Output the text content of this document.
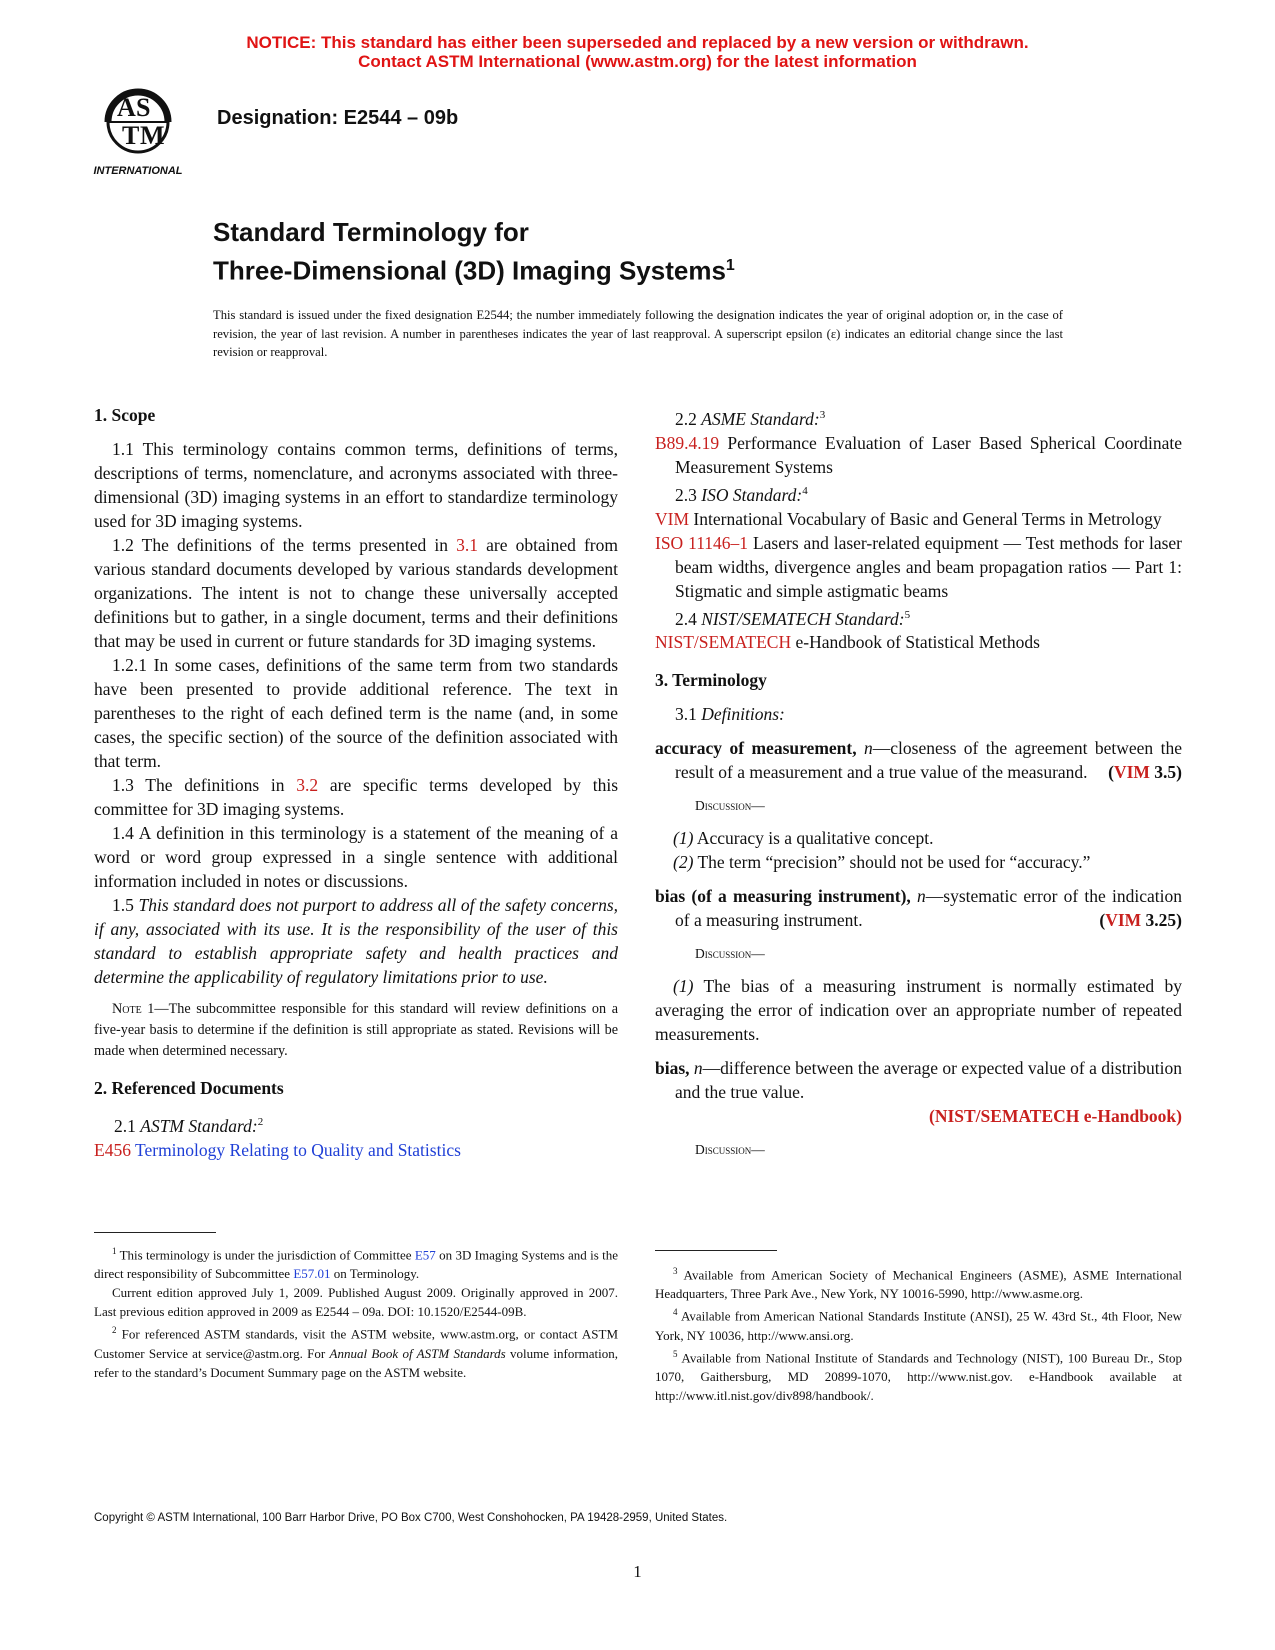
NOTICE: This standard has either been superseded and replaced by a new version or withdrawn.
Contact ASTM International (www.astm.org) for the latest information
A S
T M
INTERNATIONAL
Designation: E2544 – 09b
Standard Terminology for
Three-Dimensional (3D) Imaging Systems$^1$
This standard is issued under the fixed designation E2544; the number immediately following the designation indicates the year of original adoption or, in the case of revision, the year of last revision. A number in parentheses indicates the year of last reapproval. A superscript epsilon (ε) indicates an editorial change since the last revision or reapproval.

1. Scope

1.1 This terminology contains common terms, definitions of terms, descriptions of terms, nomenclature, and acronyms associated with three-dimensional (3D) imaging systems in an effort to standardize terminology used for 3D imaging systems.

1.2 The definitions of the terms presented in 3.1 are obtained from various standard documents developed by various standards development organizations. The intent is not to change these universally accepted definitions but to gather, in a single document, terms and their definitions that may be used in current or future standards for 3D imaging systems.

1.2.1 In some cases, definitions of the same term from two standards have been presented to provide additional reference. The text in parentheses to the right of each defined term is the name (and, in some cases, the specific section) of the source of the definition associated with that term.

1.3 The definitions in 3.2 are specific terms developed by this committee for 3D imaging systems.

1.4 A definition in this terminology is a statement of the meaning of a word or word group expressed in a single sentence with additional information included in notes or discussions.

1.5 This standard does not purport to address all of the safety concerns, if any, associated with its use. It is the responsibility of the user of this standard to establish appropriate safety and health practices and determine the applicability of regulatory limitations prior to use.

Note 1—The subcommittee responsible for this standard will review definitions on a five-year basis to determine if the definition is still appropriate as stated. Revisions will be made when determined necessary.

2. Referenced Documents

2.1 ASTM Standard:$^2$

E456 Terminology Relating to Quality and Statistics

2.2 ASME Standard:$^3$

B89.4.19 Performance Evaluation of Laser Based Spherical Coordinate Measurement Systems

2.3 ISO Standard:$^4$

VIM International Vocabulary of Basic and General Terms in Metrology

ISO 11146–1 Lasers and laser-related equipment — Test methods for laser beam widths, divergence angles and beam propagation ratios — Part 1: Stigmatic and simple astigmatic beams

2.4 NIST/SEMATECH Standard:$^5$

NIST/SEMATECH e-Handbook of Statistical Methods

3. Terminology

3.1 Definitions:

accuracy of measurement, n—closeness of the agreement between the result of a measurement and a true value of the measurand. (VIM 3.5)

Discussion—

(1) Accuracy is a qualitative concept.

(2) The term “precision” should not be used for “accuracy.”

bias (of a measuring instrument), n—systematic error of the indication of a measuring instrument.	(VIM 3.25)

Discussion—

(1) The bias of a measuring instrument is normally estimated by averaging the error of indication over an appropriate number of repeated measurements.

bias, n—difference between the average or expected value of a distribution and the true value.

(NIST/SEMATECH e-Handbook)

Discussion—

$^1$ This terminology is under the jurisdiction of Committee E57 on 3D Imaging Systems and is the direct responsibility of Subcommittee E57.01 on Terminology.

Current edition approved July 1, 2009. Published August 2009. Originally approved in 2007. Last previous edition approved in 2009 as E2544 – 09a. DOI: 10.1520/E2544-09B.

$^2$ For referenced ASTM standards, visit the ASTM website, www.astm.org, or contact ASTM Customer Service at service@astm.org. For Annual Book of ASTM Standards volume information, refer to the standard’s Document Summary page on the ASTM website.

$^3$ Available from American Society of Mechanical Engineers (ASME), ASME International Headquarters, Three Park Ave., New York, NY 10016-5990, http://www.asme.org.

$^4$ Available from American National Standards Institute (ANSI), 25 W. 43rd St., 4th Floor, New York, NY 10036, http://www.ansi.org.

$^5$ Available from National Institute of Standards and Technology (NIST), 100 Bureau Dr., Stop 1070, Gaithersburg, MD 20899-1070, http://www.nist.gov. e-Handbook available at http://www.itl.nist.gov/div898/handbook/.

Copyright © ASTM International, 100 Barr Harbor Drive, PO Box C700, West Conshohocken, PA 19428-2959, United States.
1
